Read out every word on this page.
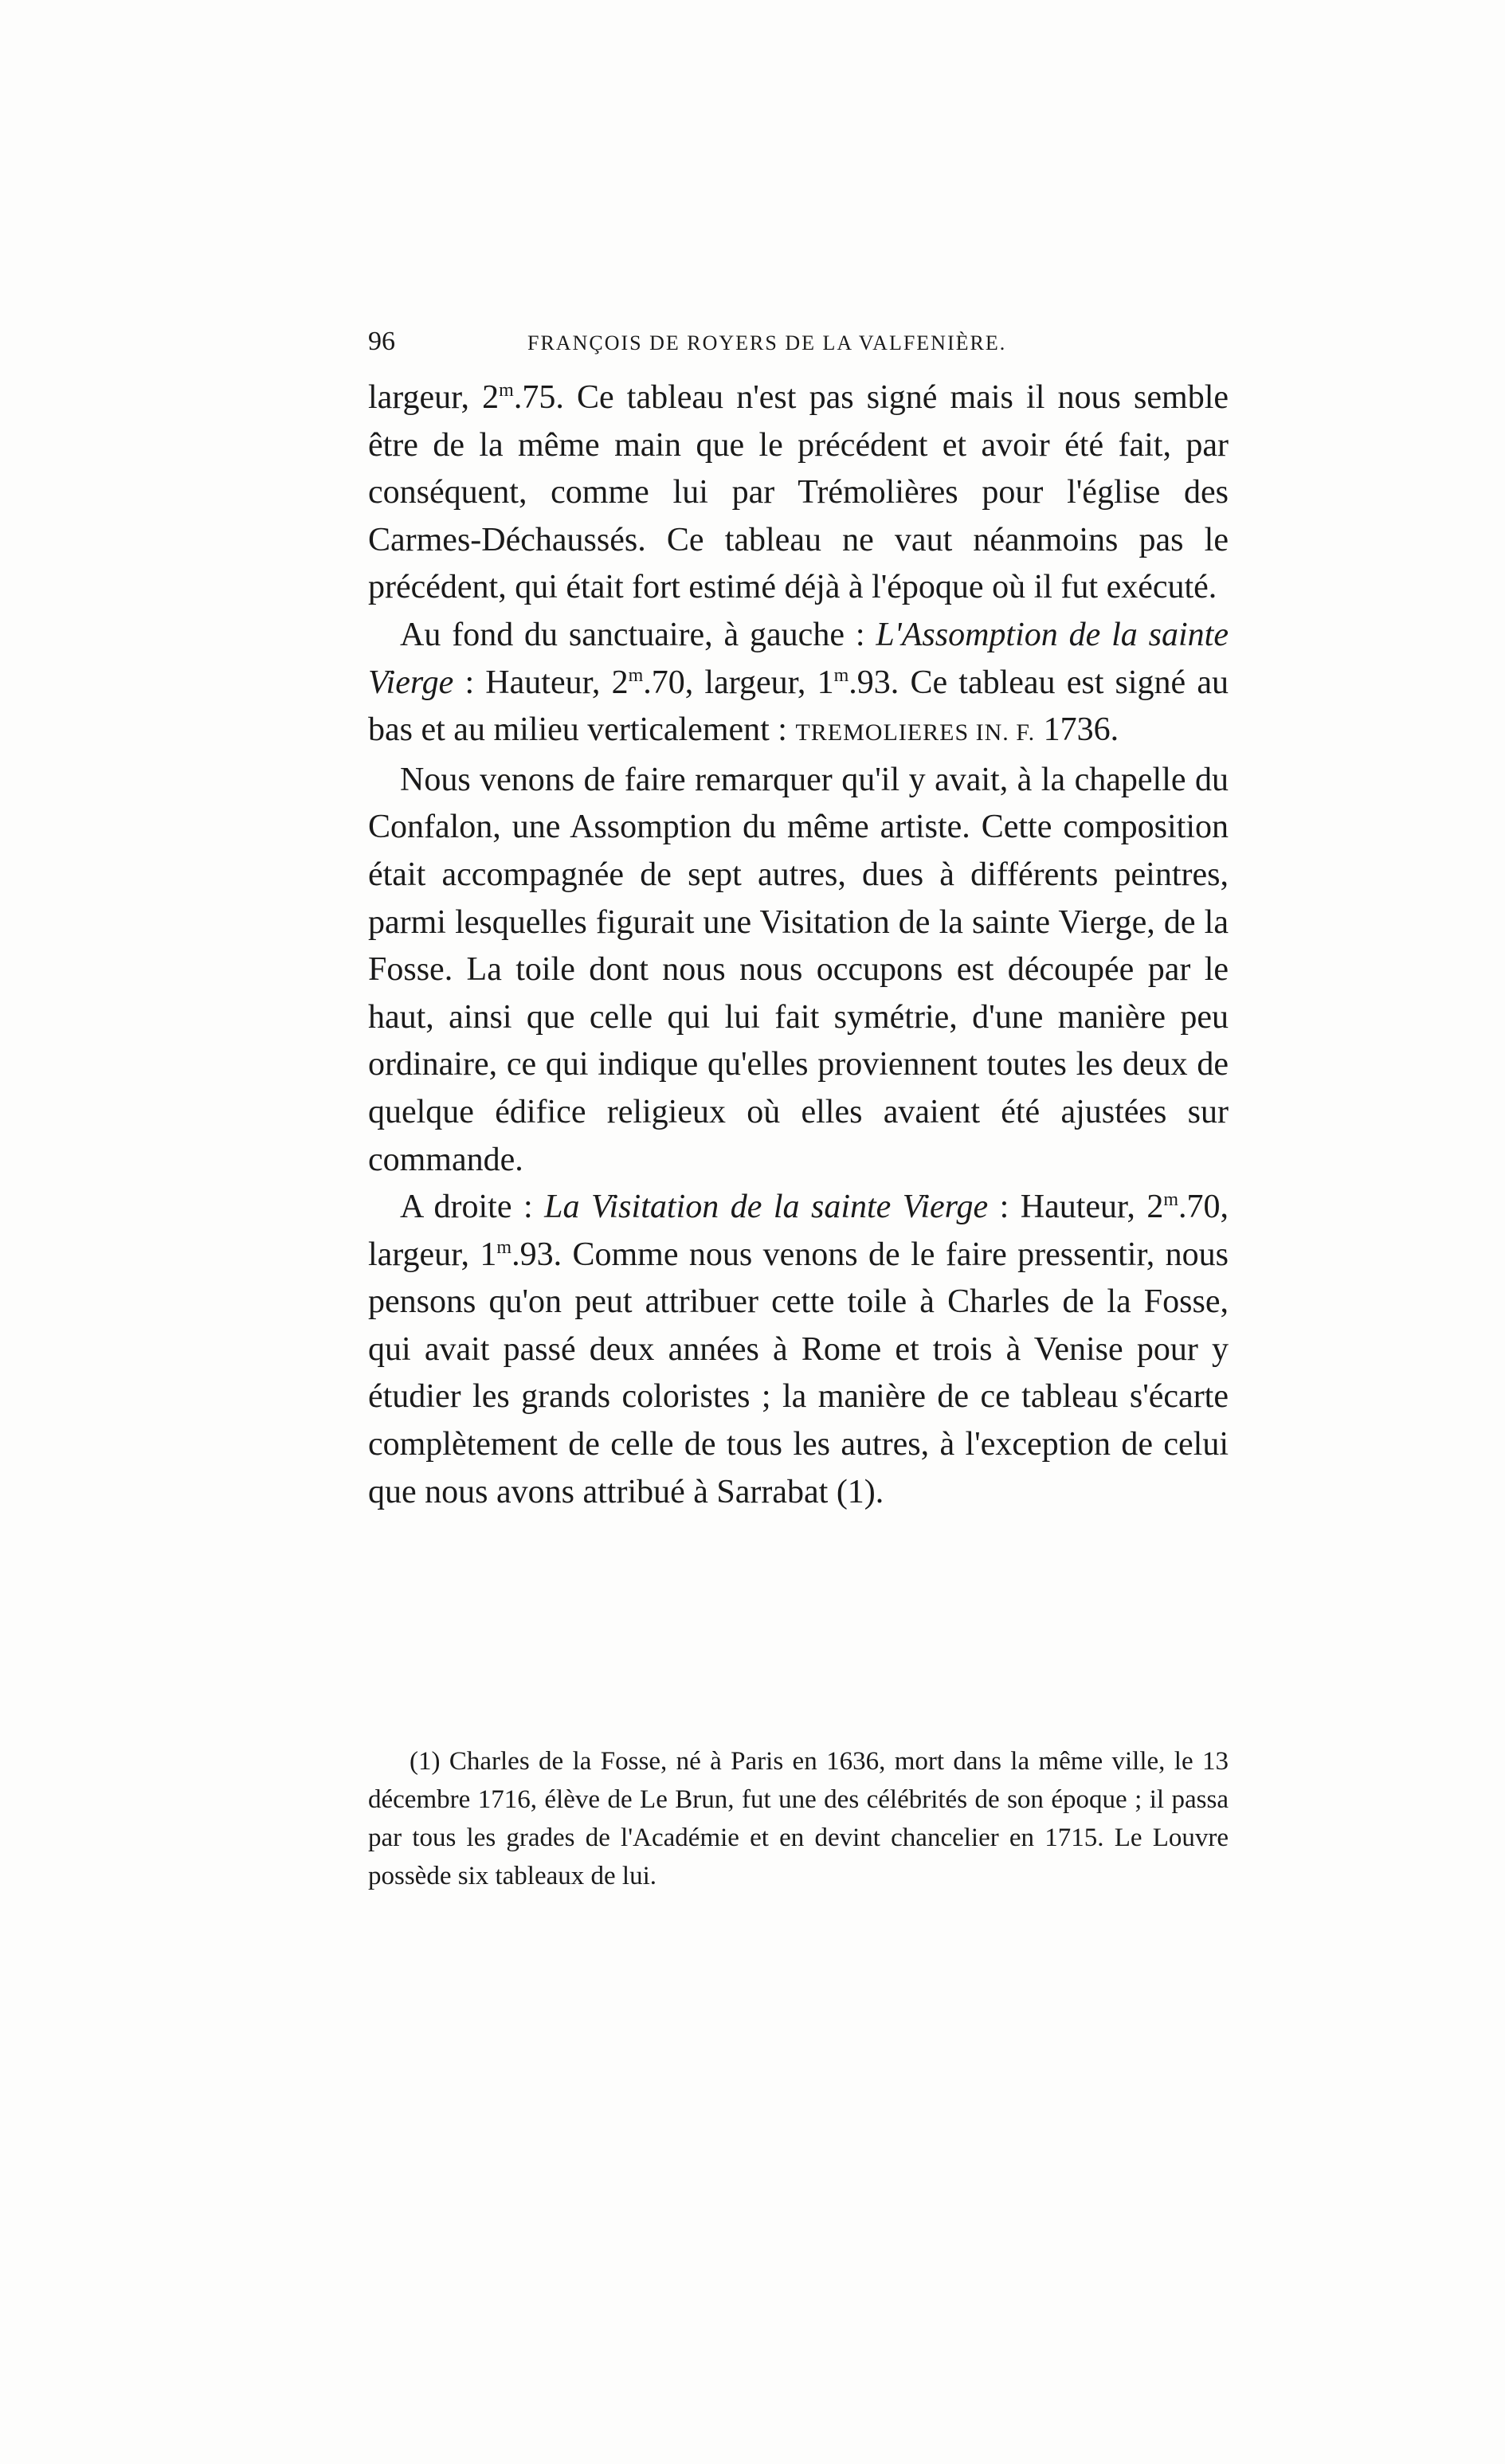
96	FRANÇOIS DE ROYERS DE LA VALFENIÈRE.

largeur, 2$^m$.75. Ce tableau n'est pas signé mais il nous semble être de la même main que le précédent et avoir été fait, par conséquent, comme lui par Trémolières pour l'église des Carmes-Déchaussés. Ce tableau ne vaut néanmoins pas le précédent, qui était fort estimé déjà à l'époque où il fut exécuté.

Au fond du sanctuaire, à gauche : L'Assomption de la sainte Vierge : Hauteur, 2$^m$.70, largeur, 1$^m$.93. Ce tableau est signé au bas et au milieu verticalement : TREMOLIERES IN. F. 1736.

Nous venons de faire remarquer qu'il y avait, à la chapelle du Confalon, une Assomption du même artiste. Cette composition était accompagnée de sept autres, dues à différents peintres, parmi lesquelles figurait une Visitation de la sainte Vierge, de la Fosse. La toile dont nous nous occupons est découpée par le haut, ainsi que celle qui lui fait symétrie, d'une manière peu ordinaire, ce qui indique qu'elles proviennent toutes les deux de quelque édifice religieux où elles avaient été ajustées sur commande.

A droite : La Visitation de la sainte Vierge : Hauteur, 2$^m$.70, largeur, 1$^m$.93. Comme nous venons de le faire pressentir, nous pensons qu'on peut attribuer cette toile à Charles de la Fosse, qui avait passé deux années à Rome et trois à Venise pour y étudier les grands coloristes ; la manière de ce tableau s'écarte complètement de celle de tous les autres, à l'exception de celui que nous avons attribué à Sarrabat (1).

(1) Charles de la Fosse, né à Paris en 1636, mort dans la même ville, le 13 décembre 1716, élève de Le Brun, fut une des célébrités de son époque ; il passa par tous les grades de l'Académie et en devint chancelier en 1715. Le Louvre possède six tableaux de lui.
